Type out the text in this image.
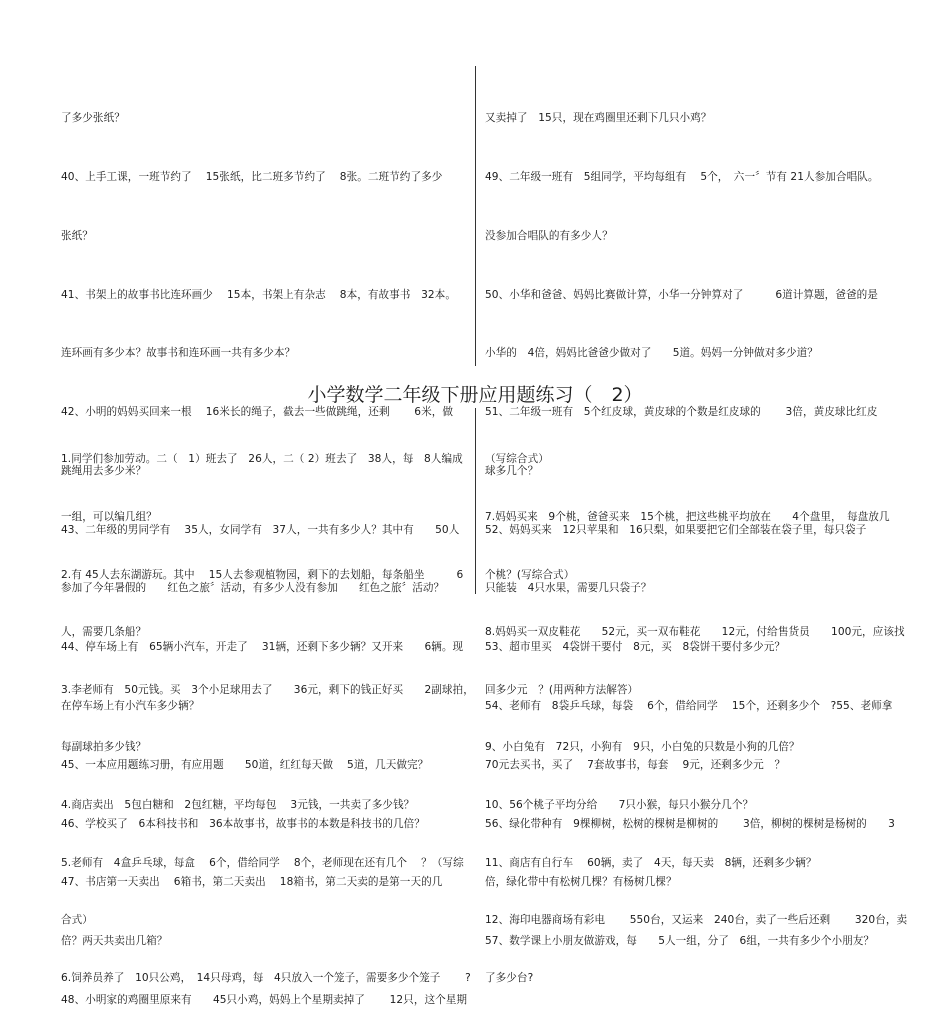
了多少张纸？

40、上手工课，一班节约了　 15张纸，比二班多节约了　 8张。二班节约了多少

张纸？

41、书架上的故事书比连环画少　 15本，书架上有杂志　 8本，有故事书　32本。

连环画有多少本？故事书和连环画一共有多少本？

42、小明的妈妈买回来一根　 16米长的绳子，截去一些做跳绳，还剩　　 6米，做

跳绳用去多少米？

43、二年级的男同学有　 35人，女同学有　37人，一共有多少人？其中有　　50人

参加了今年暑假的　　红色之旅〞活动，有多少人没有参加　　红色之旅〞活动？

44、停车场上有　65辆小汽车，开走了　 31辆，还剩下多少辆？又开来　　6辆。现

在停车场上有小汽车多少辆？

45、一本应用题练习册，有应用题　　50道，红红每天做　 5道，几天做完？

46、学校买了　6本科技书和　36本故事书，故事书的本数是科技书的几倍？

47、书店第一天卖出　 6箱书，第二天卖出　 18箱书，第二天卖的是第一天的几

倍？两天共卖出几箱？

48、小明家的鸡圈里原来有　　45只小鸡，妈妈上个星期卖掉了　　 12只，这个星期

又卖掉了　15只，现在鸡圈里还剩下几只小鸡？

49、二年级一班有　5组同学，平均每组有　 5个，　六一〞节有 21人参加合唱队。

没参加合唱队的有多少人？

50、小华和爸爸、妈妈比赛做计算，小华一分钟算对了　　　6道计算题，爸爸的是

小华的　4倍，妈妈比爸爸少做对了　　5道。妈妈一分钟做对多少道？

51、二年级一班有　5个红皮球，黄皮球的个数是红皮球的　　 3倍，黄皮球比红皮

球多几个？

52、妈妈买来　12只苹果和　16只梨，如果要把它们全部装在袋子里，每只袋子

只能装　4只水果，需要几只袋子？

53、超市里买　4袋饼干要付　8元，买　8袋饼干要付多少元？

54、老师有　8袋乒乓球，每袋　 6个，借给同学　 15个，还剩多少个　?55、老师拿

70元去买书，买了　 7套故事书，每套　 9元，还剩多少元　？

56、绿化带种有　9棵柳树，松树的棵树是柳树的　　 3倍，柳树的棵树是杨树的　　3

倍，绿化带中有松树几棵？有杨树几棵？

57、数学课上小朋友做游戏，每　　5人一组，分了　6组，一共有多少个小朋友？

小学数学二年级下册应用题练习（　2）

1.同学们参加劳动。二（　1）班去了　26人，二（ 2）班去了　38人，每　8人编成

一组，可以编几组？

2.有 45人去东湖游玩。其中　 15人去参观植物园，剩下的去划船，每条船坐　　　6

人，需要几条船？

3.李老师有　50元钱。买　3个小足球用去了　　36元，剩下的钱正好买　　2副球拍，

每副球拍多少钱？

4.商店卖出　5包白糖和　2包红糖，平均每包　 3元钱，一共卖了多少钱？

5.老师有　4盒乒乓球，每盒　 6个，借给同学　 8个，老师现在还有几个　 ？（写综

合式）

6.饲养员养了　10只公鸡，　14只母鸡，每　4只放入一个笼子，需要多少个笼子　　 ?

（写综合式）

7.妈妈买来　9个桃，爸爸买来　15个桃，把这些桃平均放在　　4个盘里，　每盘放几

个桃？(写综合式）

8.妈妈买一双皮鞋花　　52元，买一双布鞋花　　12元，付给售货员　　100元，应该找

回多少元　？(用两种方法解答）

9、小白兔有　72只，小狗有　9只，小白兔的只数是小狗的几倍？

10、56个桃子平均分给　　7只小猴，每只小猴分几个？

11、商店有自行车　 60辆，卖了　4天，每天卖　8辆，还剩多少辆？

12、海印电器商场有彩电　　 550台，又运来　240台，卖了一些后还剩　　 320台，卖

了多少台?
